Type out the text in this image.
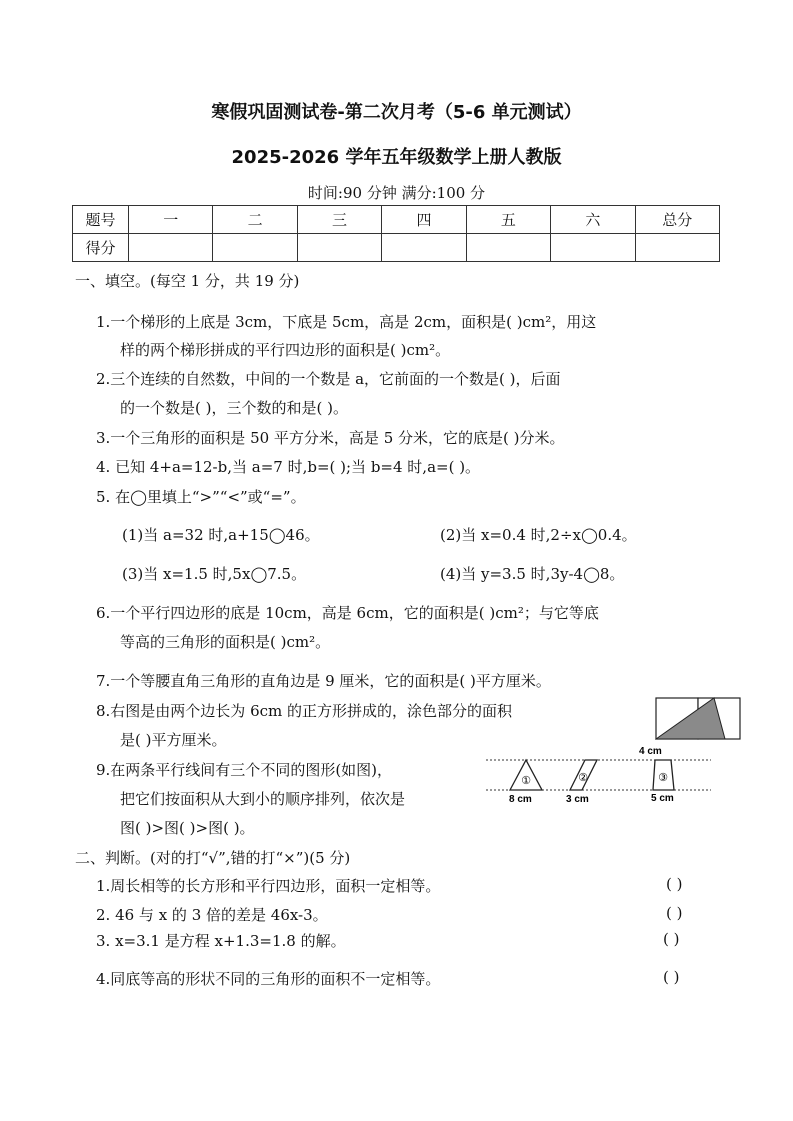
寒假巩固测试卷-第二次月考（5-6 单元测试）
2025-2026 学年五年级数学上册人教版
时间:90 分钟 满分:100 分
题号	一	二	三	四	五	六	总分
得分							
一、填空。(每空 1 分，共 19 分)
1.一个梯形的上底是 3cm，下底是 5cm，高是 2cm，面积是( )cm²，用这
样的两个梯形拼成的平行四边形的面积是( )cm²。
2.三个连续的自然数，中间的一个数是 a，它前面的一个数是( )，后面
的一个数是( )，三个数的和是( )。
3.一个三角形的面积是 50 平方分米，高是 5 分米，它的底是( )分米。
4. 已知 4+a=12-b,当 a=7 时,b=( );当 b=4 时,a=( )。
5. 在◯里填上“>”“<”或“=”。
(1)当 a=32 时,a+15◯46。	(2)当 x=0.4 时,2÷x◯0.4。
(3)当 x=1.5 时,5x◯7.5。	(4)当 y=3.5 时,3y-4◯8。
6.一个平行四边形的底是 10cm，高是 6cm，它的面积是( )cm²；与它等底
等高的三角形的面积是( )cm²。
7.一个等腰直角三角形的直角边是 9 厘米，它的面积是( )平方厘米。
8.右图是由两个边长为 6cm 的正方形拼成的，涂色部分的面积
是( )平方厘米。
9.在两条平行线间有三个不同的图形(如图)，
把它们按面积从大到小的顺序排列，依次是
图( )>图( )>图( )。
①	②	③
4 cm
8 cm	3 cm	5 cm
二、判断。(对的打“√”,错的打“×”)(5 分)
1.周长相等的长方形和平行四边形，面积一定相等。	( )
2. 46 与 x 的 3 倍的差是 46x-3。	( )
3. x=3.1 是方程 x+1.3=1.8 的解。	( )
4.同底等高的形状不同的三角形的面积不一定相等。	( )
